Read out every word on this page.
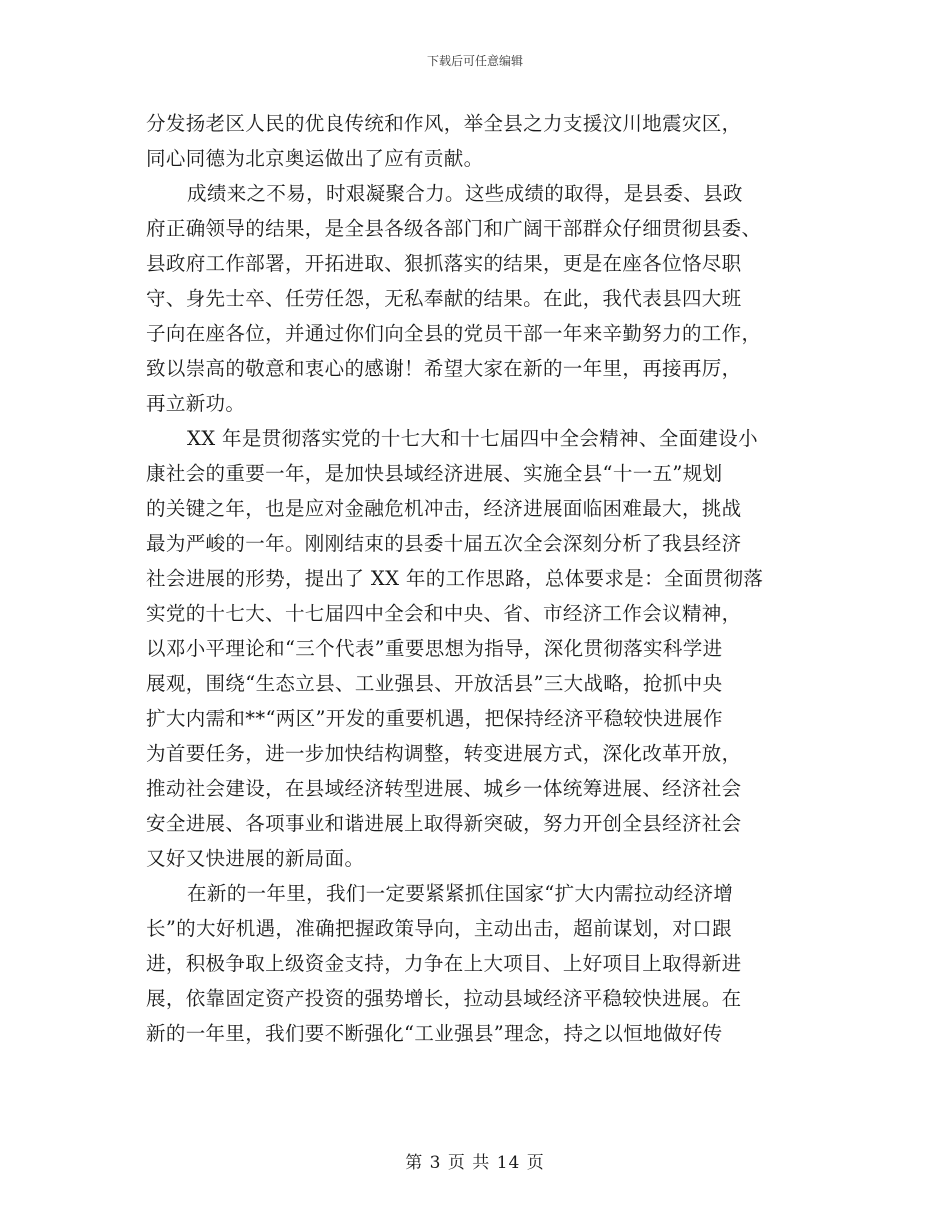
下载后可任意编辑
分发扬老区人民的优良传统和作风，举全县之力支援汶川地震灾区，
同心同德为北京奥运做出了应有贡献。
成绩来之不易，时艰凝聚合力。这些成绩的取得，是县委、县政
府正确领导的结果，是全县各级各部门和广阔干部群众仔细贯彻县委、
县政府工作部署，开拓进取、狠抓落实的结果，更是在座各位恪尽职
守、身先士卒、任劳任怨，无私奉献的结果。在此，我代表县四大班
子向在座各位，并通过你们向全县的党员干部一年来辛勤努力的工作，
致以崇高的敬意和衷心的感谢！希望大家在新的一年里，再接再厉，
再立新功。
XX 年是贯彻落实党的十七大和十七届四中全会精神、全面建设小
康社会的重要一年，是加快县域经济进展、实施全县“十一五”规划
的关键之年，也是应对金融危机冲击，经济进展面临困难最大，挑战
最为严峻的一年。刚刚结束的县委十届五次全会深刻分析了我县经济
社会进展的形势，提出了 XX 年的工作思路，总体要求是：全面贯彻落
实党的十七大、十七届四中全会和中央、省、市经济工作会议精神，
以邓小平理论和“三个代表”重要思想为指导，深化贯彻落实科学进
展观，围绕“生态立县、工业强县、开放活县”三大战略，抢抓中央
扩大内需和**“两区”开发的重要机遇，把保持经济平稳较快进展作
为首要任务，进一步加快结构调整，转变进展方式，深化改革开放，
推动社会建设，在县域经济转型进展、城乡一体统筹进展、经济社会
安全进展、各项事业和谐进展上取得新突破，努力开创全县经济社会
又好又快进展的新局面。
在新的一年里，我们一定要紧紧抓住国家“扩大内需拉动经济增
长”的大好机遇，准确把握政策导向，主动出击，超前谋划，对口跟
进，积极争取上级资金支持，力争在上大项目、上好项目上取得新进
展，依靠固定资产投资的强势增长，拉动县域经济平稳较快进展。在
新的一年里，我们要不断强化“工业强县”理念，持之以恒地做好传
第 3 页 共 14 页
